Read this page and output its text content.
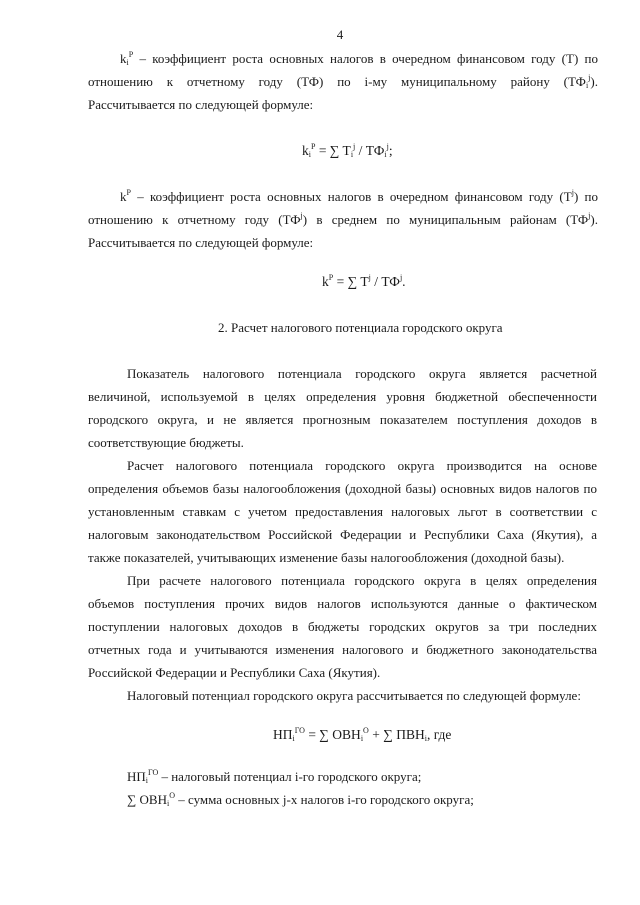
4
$k_i^P$ – коэффициент роста основных налогов в очередном финансовом году (Т) по
отношению к отчетному году (ТФ) по i-му муниципальному району $(ТФ_i^j)$.
Рассчитывается по следующей формуле:
$k_i^P$ = ∑ $T_i^j / ТФ_i^j$;
$k^P$ – коэффициент роста основных налогов в очередном финансовом году $(T^j)$ по
отношению к отчетному году $(ТФ^j)$ в среднем по муниципальным районам $(ТФ^j)$.
Рассчитывается по следующей формуле:
$k^P$ = ∑ $T^j / ТФ^j$.
2. Расчет налогового потенциала городского округа
Показатель налогового потенциала городского округа является расчетной
величиной, используемой в целях определения уровня бюджетной обеспеченности
городского округа, и не является прогнозным показателем поступления доходов в
соответствующие бюджеты.
Расчет налогового потенциала городского округа производится на основе
определения объемов базы налогообложения (доходной базы) основных видов налогов по
установленным ставкам с учетом предоставления налоговых льгот в соответствии с
налоговым законодательством Российской Федерации и Республики Саха (Якутия), а
также показателей, учитывающих изменение базы налогообложения (доходной базы).
При расчете налогового потенциала городского округа в целях определения
объемов поступления прочих видов налогов используются данные о фактическом
поступлении налоговых доходов в бюджеты городских округов за три последних
отчетных года и учитываются изменения налогового и бюджетного законодательства
Российской Федерации и Республики Саха (Якутия).
Налоговый потенциал городского округа рассчитывается по следующей формуле:
$НП_i^{ГО}$ = ∑ $ОВН_i^О$ + ∑ $ПВН_i$, где
$НП_i^{ГО}$ – налоговый потенциал i-го городского округа;
∑ $ОВН_i^О$ – сумма основных j-х налогов i-го городского округа;
